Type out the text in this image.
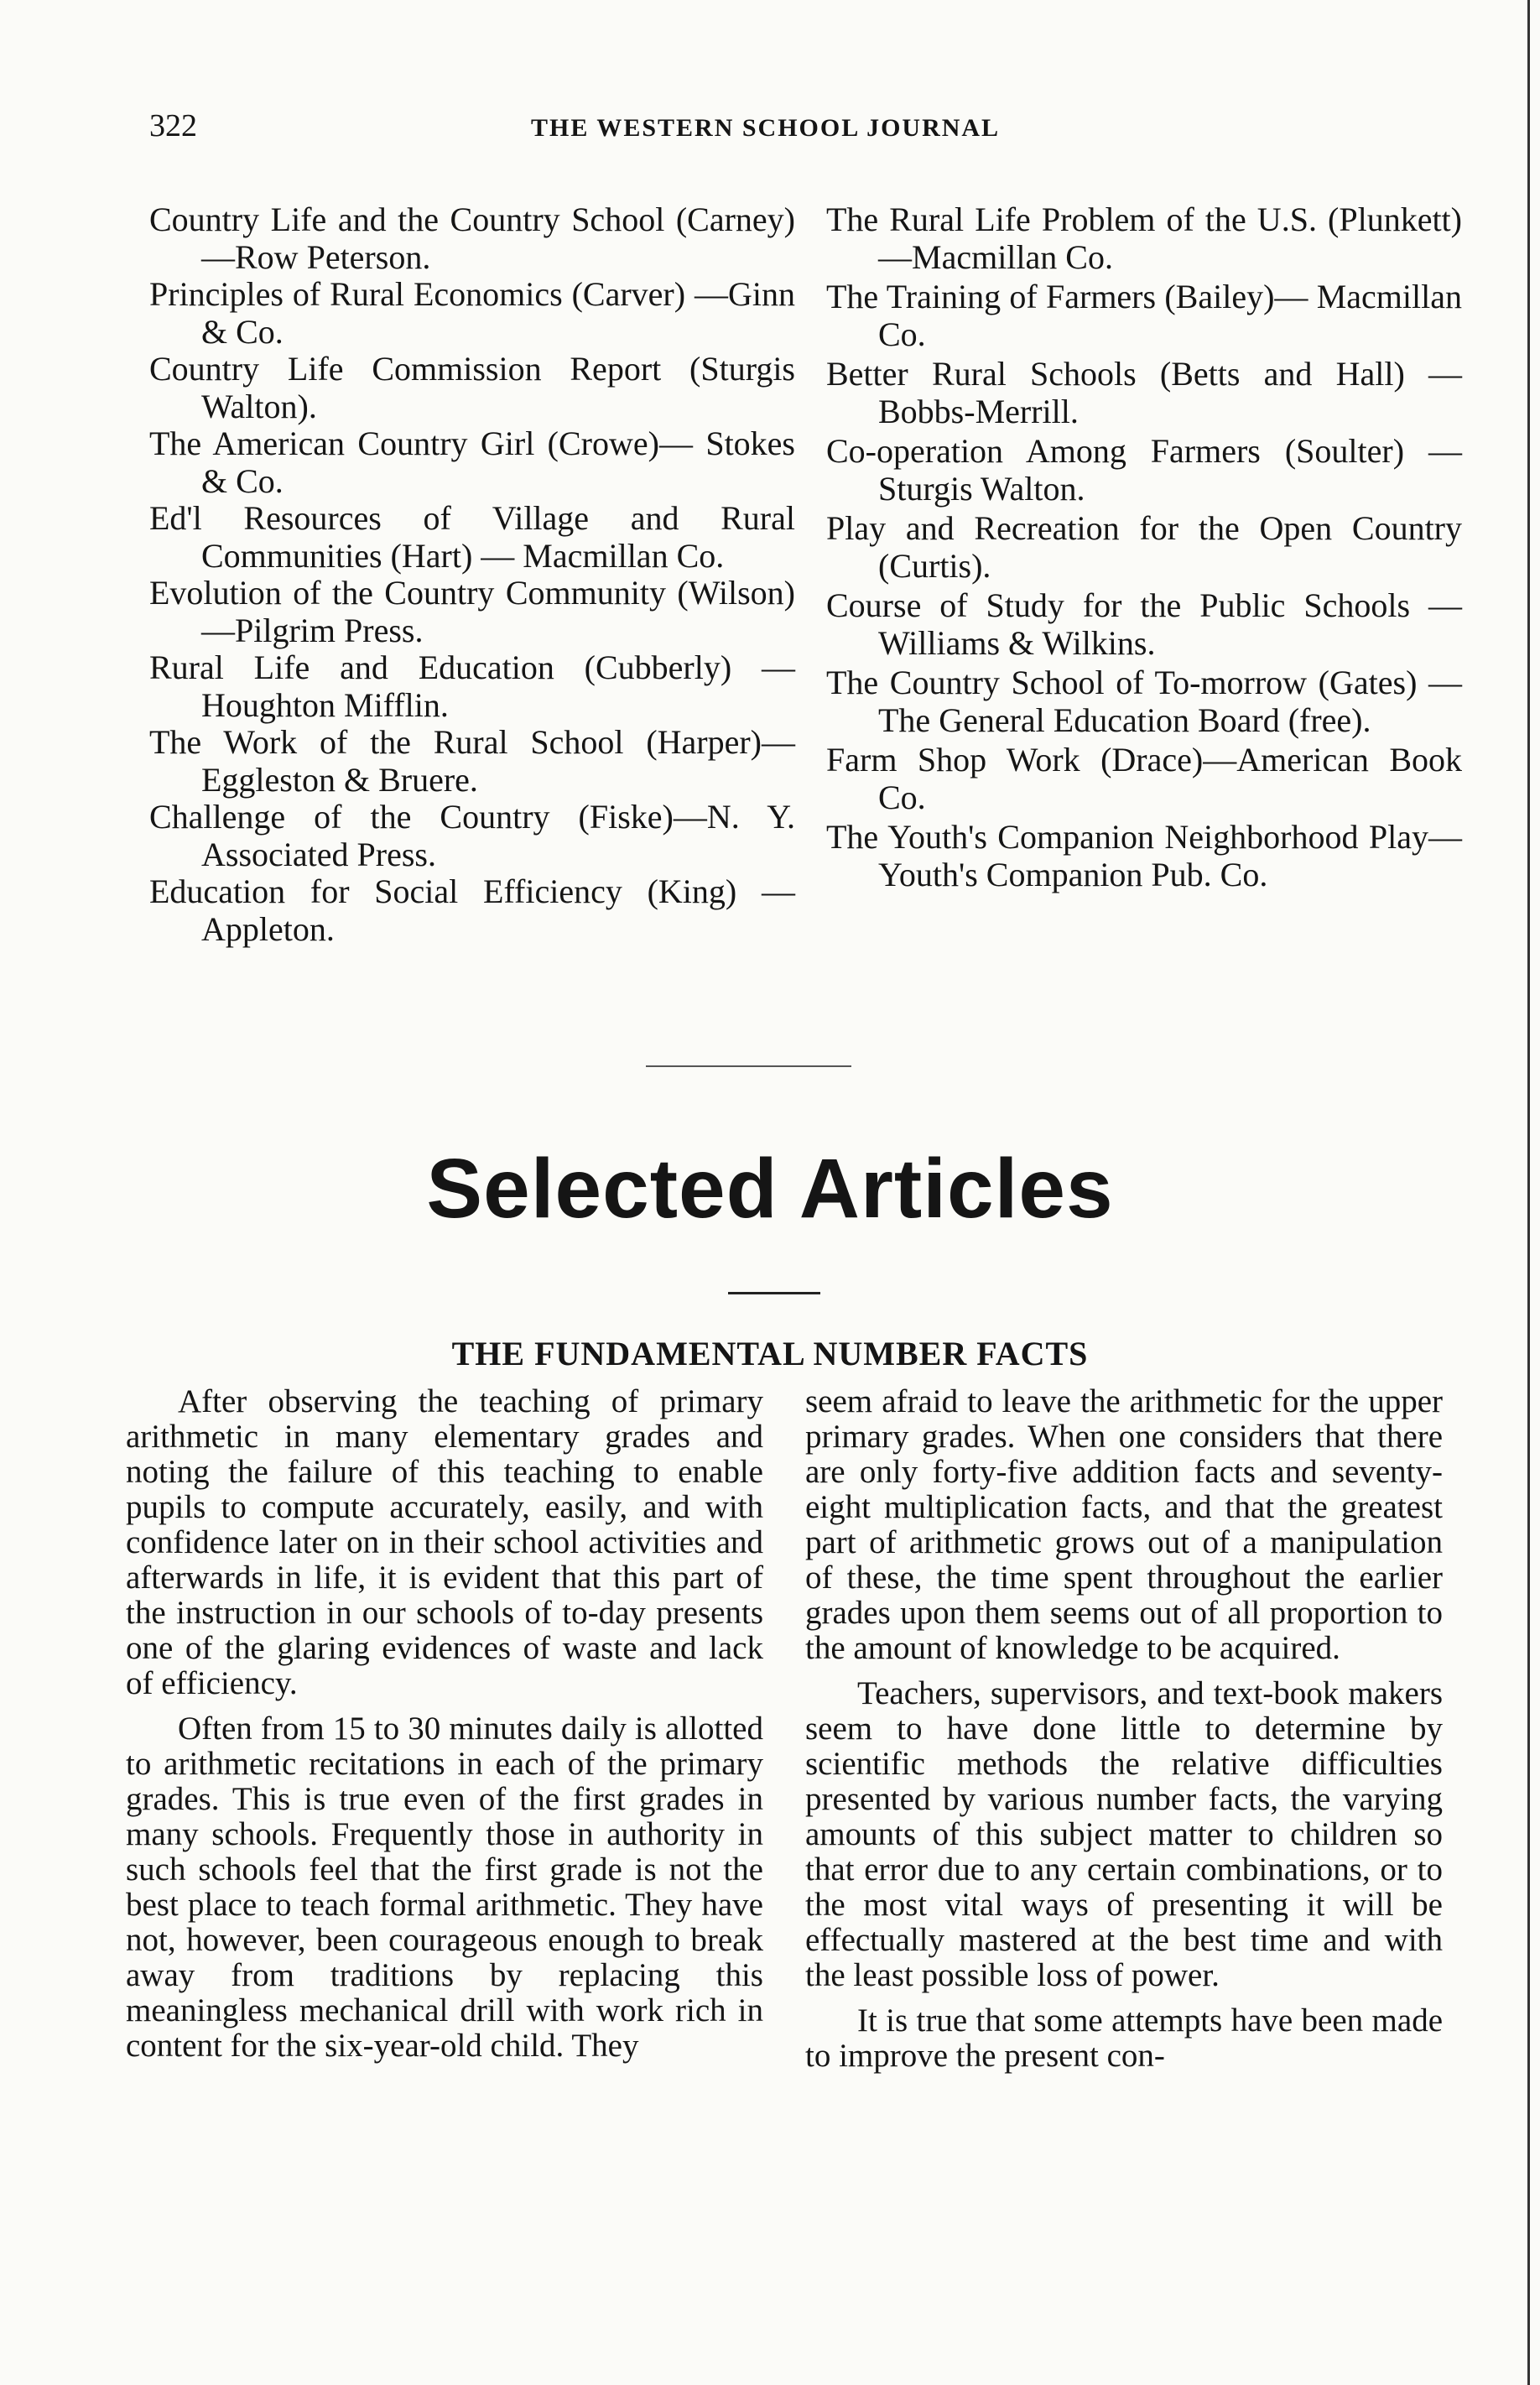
322	THE WESTERN SCHOOL JOURNAL

Country Life and the Country School (Carney)—Row Peterson.

Principles of Rural Economics (Carver) —Ginn & Co.

Country Life Commission Report (Sturgis Walton).

The American Country Girl (Crowe)— Stokes & Co.

Ed'l Resources of Village and Rural Communities (Hart) — Macmillan Co.

Evolution of the Country Community (Wilson)—Pilgrim Press.

Rural Life and Education (Cubberly) —Houghton Mifflin.

The Work of the Rural School (Harper)—Eggleston & Bruere.

Challenge of the Country (Fiske)—N. Y. Associated Press.

Education for Social Efficiency (King) —Appleton.

The Rural Life Problem of the U.S. (Plunkett)—Macmillan Co.

The Training of Farmers (Bailey)— Macmillan Co.

Better Rural Schools (Betts and Hall) —Bobbs-Merrill.

Co-operation Among Farmers (Soulter) —Sturgis Walton.

Play and Recreation for the Open Country (Curtis).

Course of Study for the Public Schools —Williams & Wilkins.

The Country School of To-morrow (Gates) — The General Education Board (free).

Farm Shop Work (Drace)—American Book Co.

The Youth's Companion Neighborhood Play—Youth's Companion Pub. Co.

Selected Articles
THE FUNDAMENTAL NUMBER FACTS

After observing the teaching of primary arithmetic in many elementary grades and noting the failure of this teaching to enable pupils to compute accurately, easily, and with confidence later on in their school activities and afterwards in life, it is evident that this part of the instruction in our schools of to-day presents one of the glaring evidences of waste and lack of efficiency.

Often from 15 to 30 minutes daily is allotted to arithmetic recitations in each of the primary grades. This is true even of the first grades in many schools. Frequently those in authority in such schools feel that the first grade is not the best place to teach formal arithmetic. They have not, however, been courageous enough to break away from traditions by replacing this meaningless mechanical drill with work rich in content for the six-year-old child. They

seem afraid to leave the arithmetic for the upper primary grades. When one considers that there are only forty-five addition facts and seventy-eight multiplication facts, and that the greatest part of arithmetic grows out of a manipulation of these, the time spent throughout the earlier grades upon them seems out of all proportion to the amount of knowledge to be acquired.

Teachers, supervisors, and text-book makers seem to have done little to determine by scientific methods the relative difficulties presented by various number facts, the varying amounts of this subject matter to children so that error due to any certain combinations, or to the most vital ways of presenting it will be effectually mastered at the best time and with the least possible loss of power.

It is true that some attempts have been made to improve the present con-
